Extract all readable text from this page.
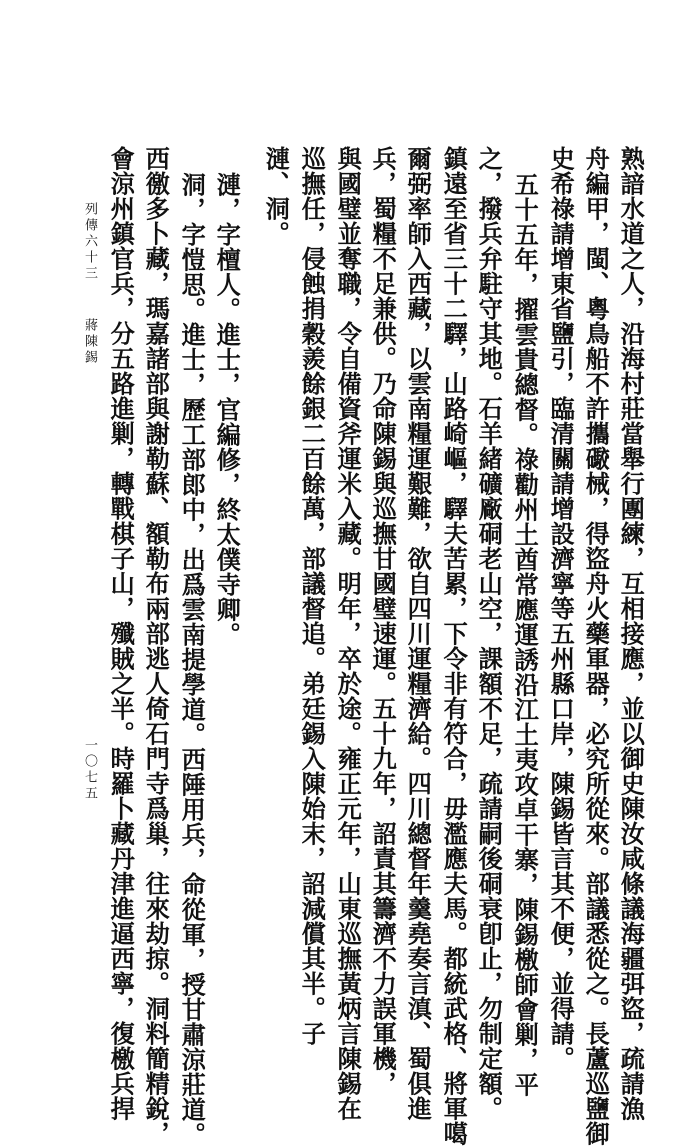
熟諳水道之人，沿海村莊當舉行團練，互相接應，並以御史陳汝咸條議海疆弭盜，疏請漁
舟編甲，閩、粵鳥船不許攜礮械，得盜舟火藥軍器，必究所從來。部議悉從之。長蘆巡鹽御
史希祿請增東省鹽引，臨清關請增設濟寧等五州縣口岸，陳錫皆言其不便，並得請。
五十五年，擢雲貴總督。祿勸州土酋常應運誘沿江土夷攻卓干寨，陳錫檄師會剿，平
之，撥兵弁駐守其地。石羊緒礦廠硐老山空，課額不足，疏請嗣後硐衰卽止，勿制定額。
鎮遠至省三十二驛，山路崎嶇，驛夫苦累，下令非有符合，毋濫應夫馬。都統武格、將軍噶
爾弼率師入西藏，以雲南糧運艱難，欲自四川運糧濟給。四川總督年羹堯奏言滇、蜀俱進
兵，蜀糧不足兼供。乃命陳錫與巡撫甘國璧速運。五十九年，詔責其籌濟不力誤軍機，
與國璧並奪職，令自備資斧運米入藏。明年，卒於途。雍正元年，山東巡撫黃炳言陳錫在
巡撫任，侵蝕捐穀羨餘銀二百餘萬，部議督追。弟廷錫入陳始末，詔減償其半。子
漣、洞。
漣，字檀人。進士，官編修，終太僕寺卿。
洞，字愷思。進士，歷工部郎中，出爲雲南提學道。西陲用兵，命從軍，授甘肅涼莊道。
西徼多卜藏，瑪嘉諸部與謝勒蘇、額勒布兩部逃人倚石門寺爲巢，往來劫掠。洞料簡精銳，
會涼州鎮官兵，分五路進剿，轉戰棋子山，殲賊之半。時羅卜藏丹津進逼西寧，復檄兵捍
列傳六十三
蔣陳錫
一〇七五
